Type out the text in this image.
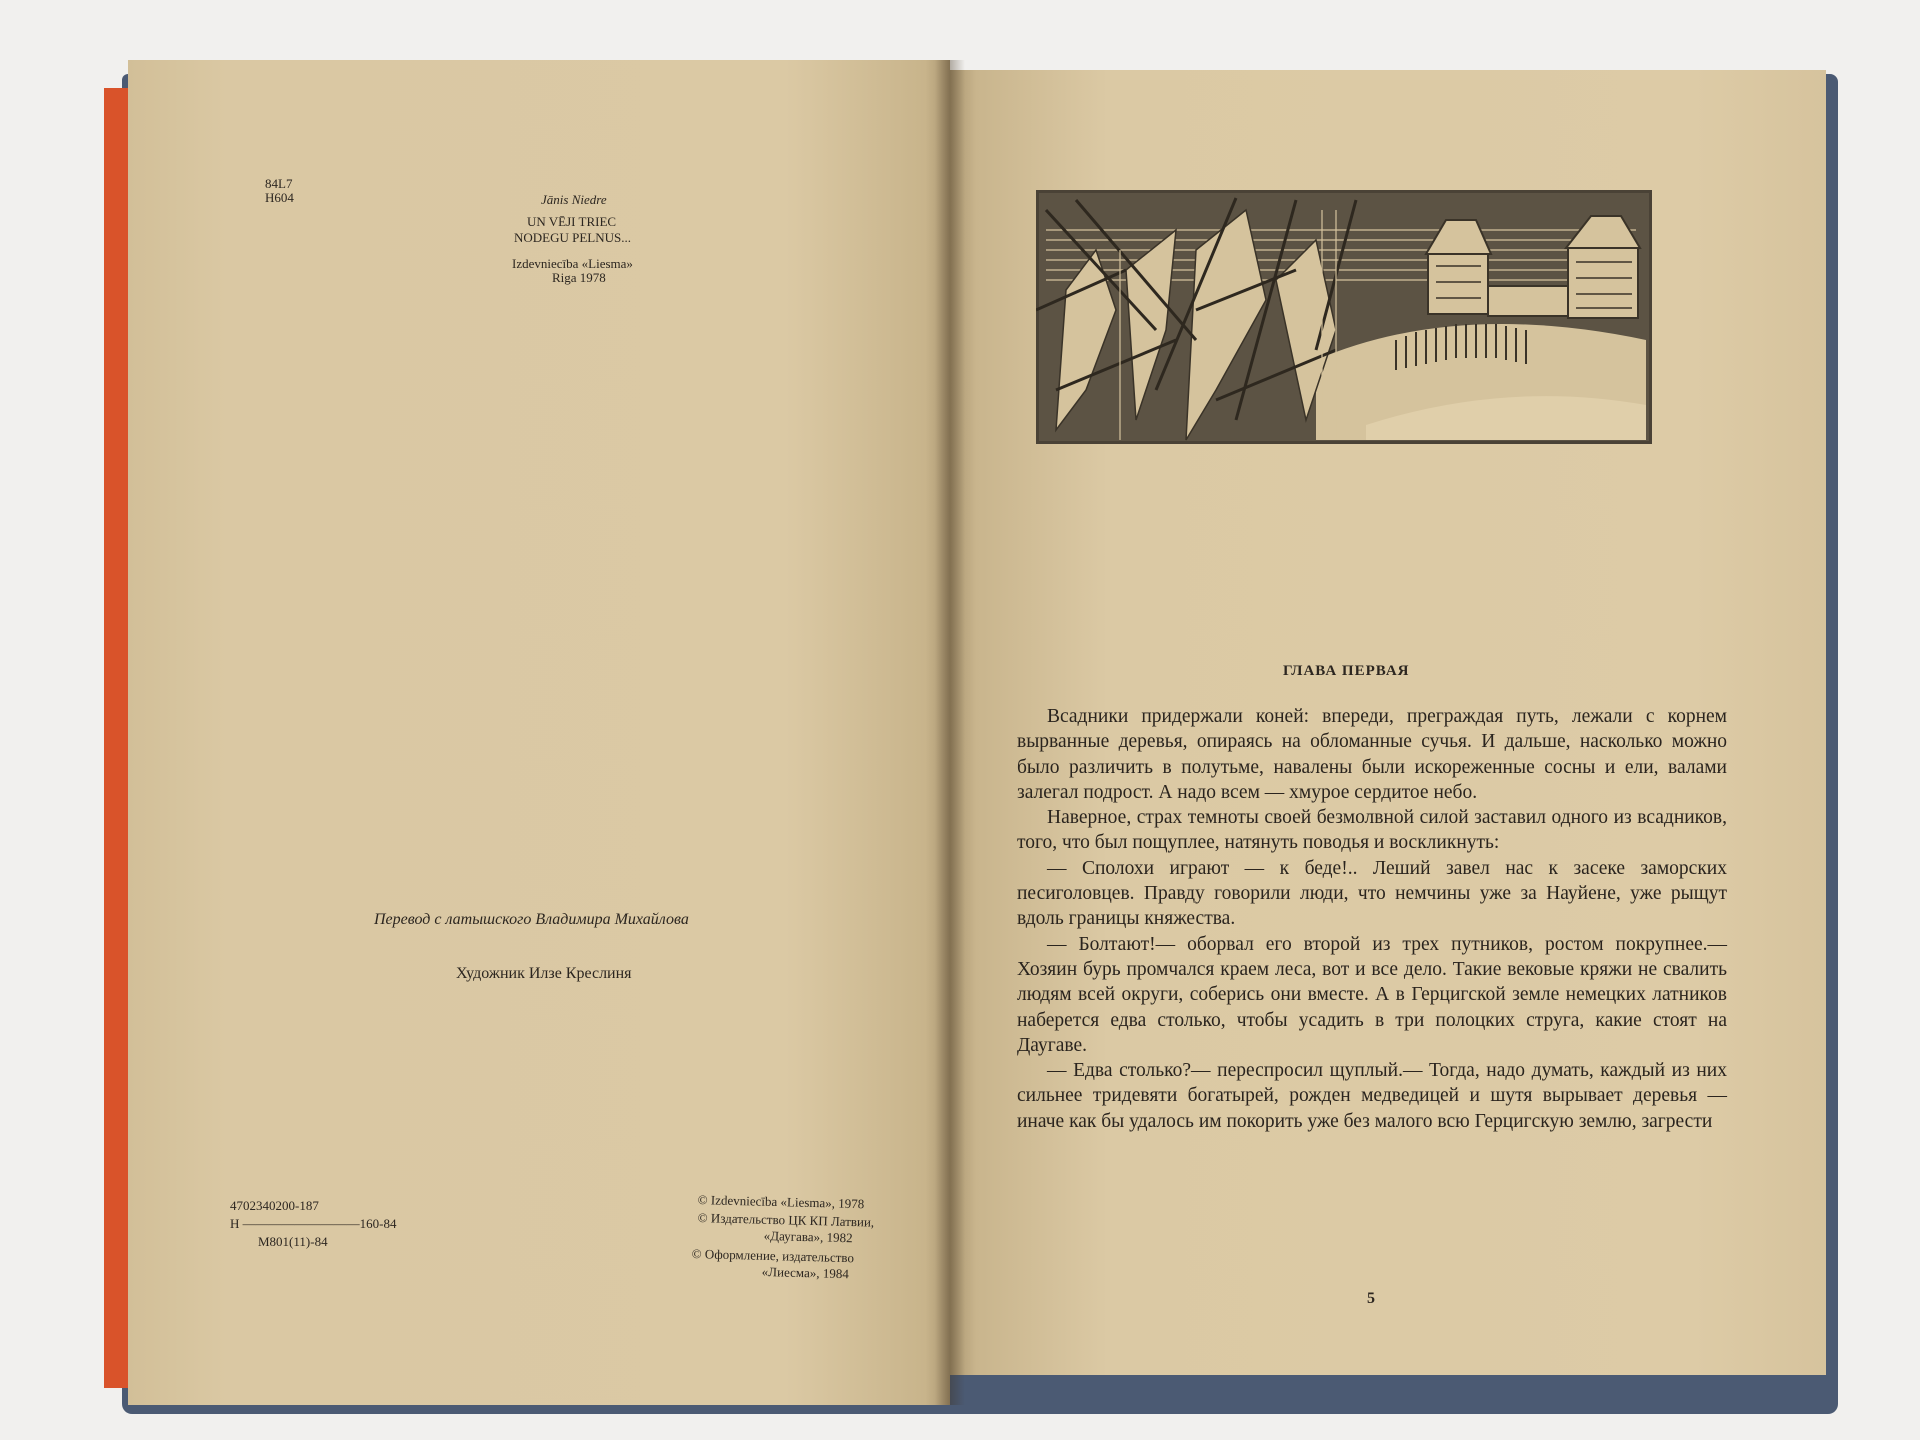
84L7
Н604	Jānis Niedre
UN VĒJI TRIEC
NODEGU PELNUS...
Izdevniecība «Liesma»
Riga 1978
Перевод с латышского Владимира Михайлова
Художник Илзе Креслиня
4702340200-187
Н —————————160-84
М801(11)-84
© Izdevniecība «Liesma», 1978
© Издательство ЦК КП Латвии,
«Даугава», 1982
© Оформление, издательство
«Лиесма», 1984
ГЛАВА ПЕРВАЯ

Всадники придержали коней: впереди, преграждая путь, лежали с корнем вырванные деревья, опираясь на обломанные сучья. И дальше, насколько можно было различить в полутьме, навалены были искореженные сосны и ели, валами залегал подрост. А надо всем — хмурое сердитое небо.

Наверное, страх темноты своей безмолвной силой заставил одного из всадников, того, что был пощуплее, натянуть поводья и воскликнуть:

— Сполохи играют — к беде!.. Леший завел нас к засеке заморских песиголовцев. Правду говорили люди, что немчины уже за Науйене, уже рыщут вдоль границы княжества.

— Болтают!— оборвал его второй из трех путников, ростом покрупнее.— Хозяин бурь промчался краем леса, вот и все дело. Такие вековые кряжи не свалить людям всей округи, соберись они вместе. А в Герцигской земле немецких латников наберется едва столько, чтобы усадить в три полоцких струга, какие стоят на Даугаве.

— Едва столько?— переспросил щуплый.— Тогда, надо думать, каждый из них сильнее тридевяти богатырей, рожден медведицей и шутя вырывает деревья — иначе как бы удалось им покорить уже без малого всю Герцигскую землю, загрести

5
